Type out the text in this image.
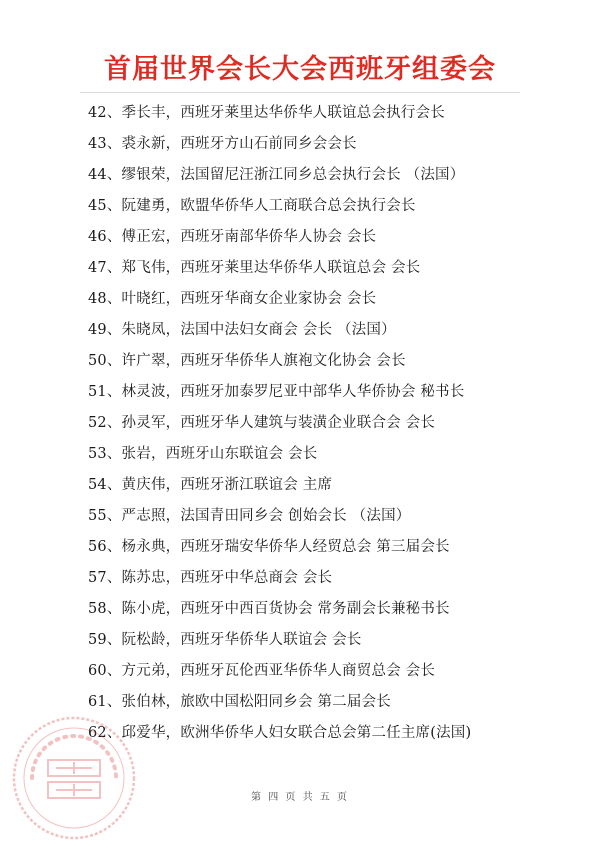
首届世界会长大会西班牙组委会
42、季长丰，西班牙莱里达华侨华人联谊总会执行会长
43、裘永新，西班牙方山石前同乡会会长
44、缪银荣，法国留尼汪浙江同乡总会执行会长 （法国）
45、阮建勇，欧盟华侨华人工商联合总会执行会长
46、傅正宏，西班牙南部华侨华人协会 会长
47、郑飞伟，西班牙莱里达华侨华人联谊总会 会长
48、叶晓红，西班牙华商女企业家协会 会长
49、朱晓凤，法国中法妇女商会 会长 （法国）
50、许广翠，西班牙华侨华人旗袍文化协会 会长
51、林灵波，西班牙加泰罗尼亚中部华人华侨协会 秘书长
52、孙灵军，西班牙华人建筑与装潢企业联合会 会长
53、张岩，西班牙山东联谊会 会长
54、黄庆伟，西班牙浙江联谊会 主席
55、严志照，法国青田同乡会 创始会长 （法国）
56、杨永典，西班牙瑞安华侨华人经贸总会 第三届会长
57、陈苏忠，西班牙中华总商会 会长
58、陈小虎，西班牙中西百货协会 常务副会长兼秘书长
59、阮松龄，西班牙华侨华人联谊会 会长
60、方元弟，西班牙瓦伦西亚华侨华人商贸总会 会长
61、张伯林，旅欧中国松阳同乡会 第二届会长
62、邱爱华，欧洲华侨华人妇女联合总会第二任主席(法国)
第 四 页 共 五 页
